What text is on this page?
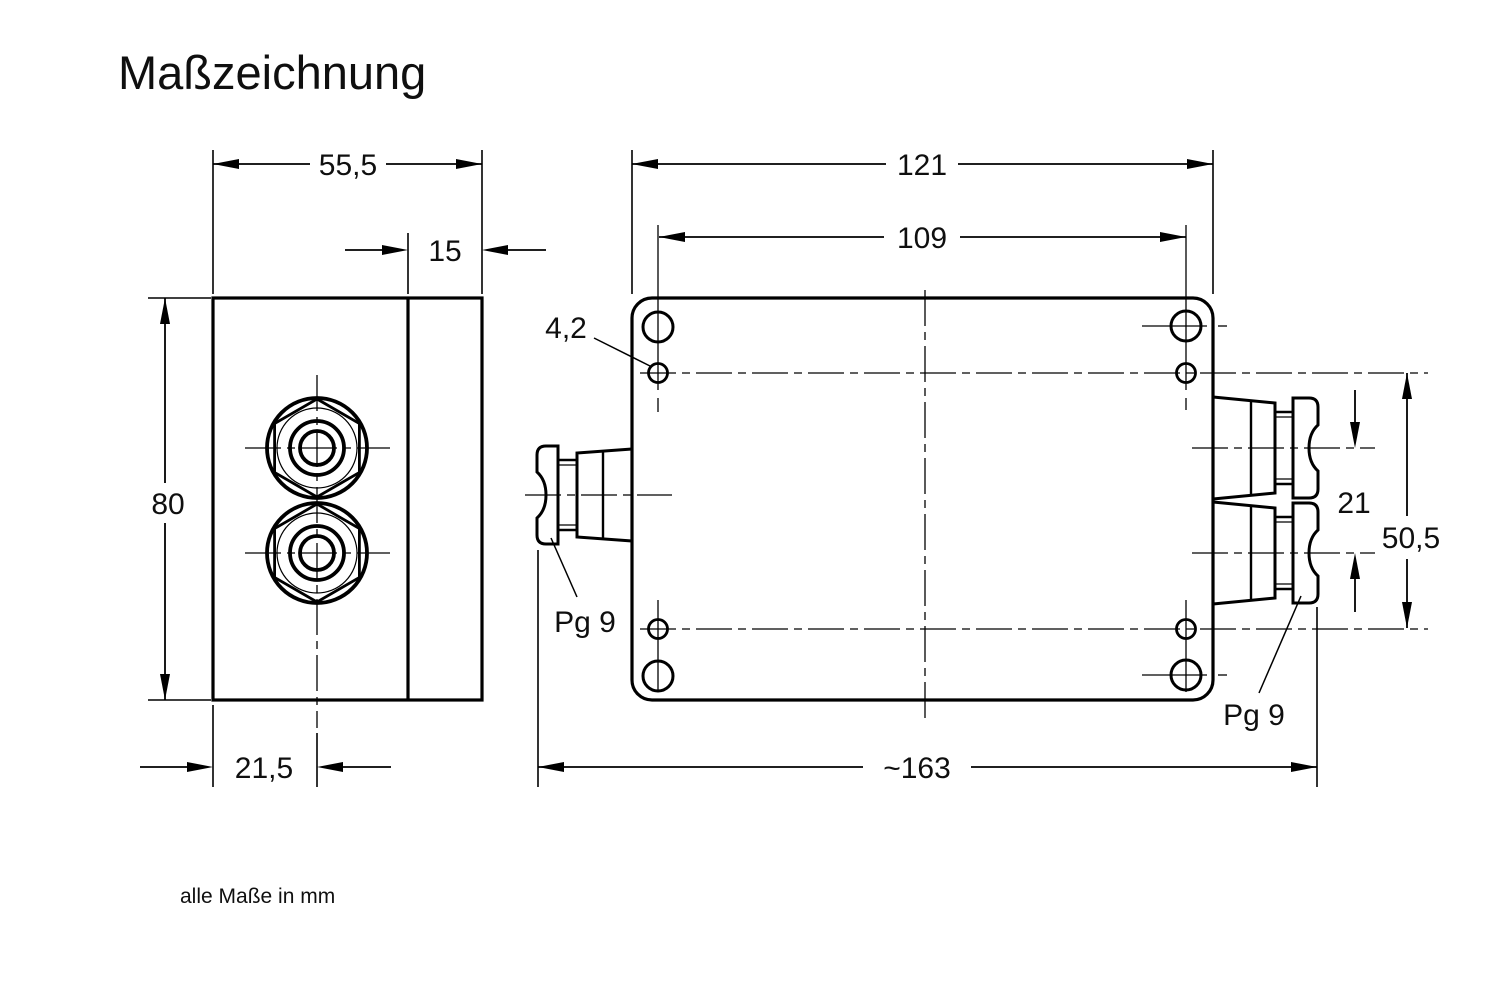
Maßzeichnung
55,5
15
80
21,5
121
109
4,2
Pg 9
Pg 9
21
50,5
~163
alle Maße in mm
